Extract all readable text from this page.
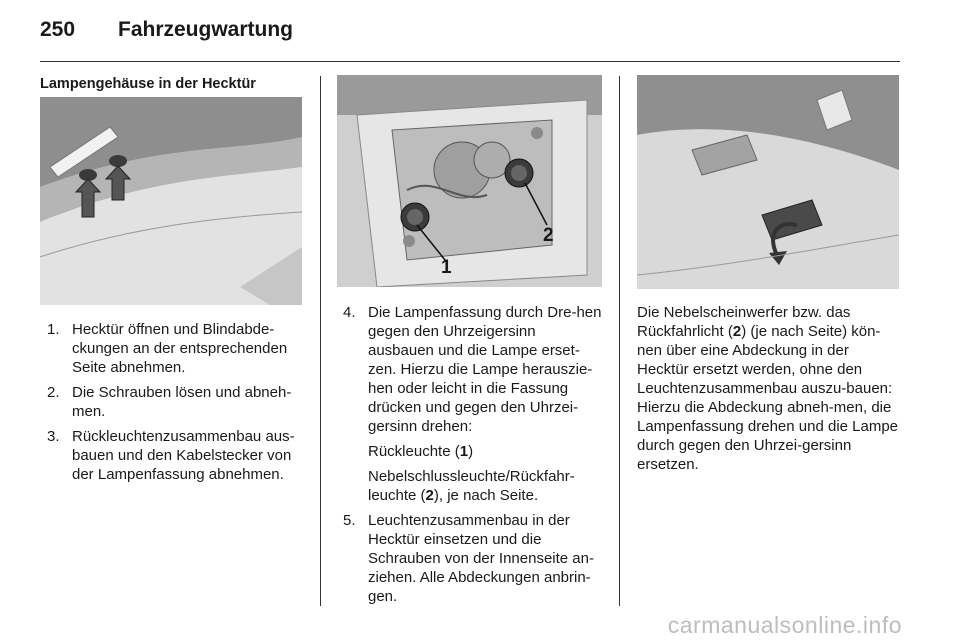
250 Fahrzeugwartung
Lampengehäuse in der Hecktür
1
2
1. Hecktür öffnen und Blindabde-ckungen an der entsprechenden Seite abnehmen.
2. Die Schrauben lösen und abneh-men.
3. Rückleuchtenzusammenbau aus-bauen und den Kabelstecker von der Lampenfassung abnehmen.
4. Die Lampenfassung durch Dre-hen gegen den Uhrzeigersinn ausbauen und die Lampe erset-zen. Hierzu die Lampe herauszie-hen oder leicht in die Fassung drücken und gegen den Uhrzei-gersinn drehen:
Rückleuchte (1)
Nebelschlussleuchte/Rückfahr-leuchte (2), je nach Seite.
5. Leuchtenzusammenbau in der Hecktür einsetzen und die Schrauben von der Innenseite an-ziehen. Alle Abdeckungen anbrin-gen.

Die Nebelscheinwerfer bzw. das Rückfahrlicht (2) (je nach Seite) kön-nen über eine Abdeckung in der Hecktür ersetzt werden, ohne den Leuchtenzusammenbau auszu-bauen: Hierzu die Abdeckung abneh-men, die Lampenfassung drehen und die Lampe durch gegen den Uhrzei-gersinn ersetzen.

carmanualsonline.info
